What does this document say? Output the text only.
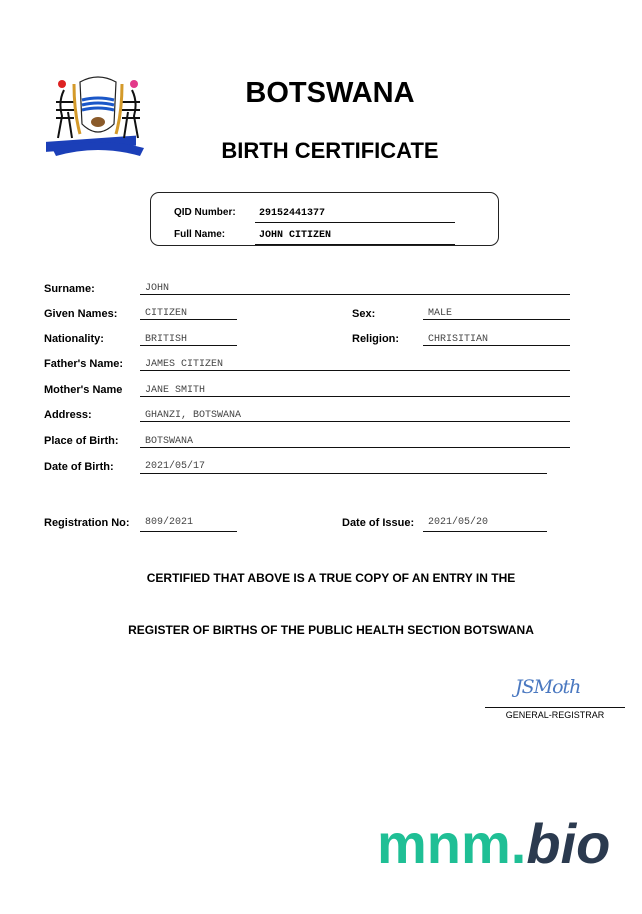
BOTSWANA
BIRTH CERTIFICATE
QID Number: 29152441377
Full Name:	JOHN CITIZEN
Surname:	JOHN
Given Names:	CITIZEN	Sex:	MALE
Nationality:	BRITISH	Religion:	CHRISITIAN
Father's Name: JAMES CITIZEN
Mother's Name JANE SMITH
Address:	GHANZI, BOTSWANA
Place of Birth:	BOTSWANA
Date of Birth:	2021/05/17
Registration No: 809/2021	Date of Issue: 2021/05/20
CERTIFIED THAT ABOVE IS A TRUE COPY OF AN ENTRY IN THE
REGISTER OF BIRTHS OF THE PUBLIC HEALTH SECTION BOTSWANA
JSMoth
GENERAL-REGISTRAR
mnm.bio
